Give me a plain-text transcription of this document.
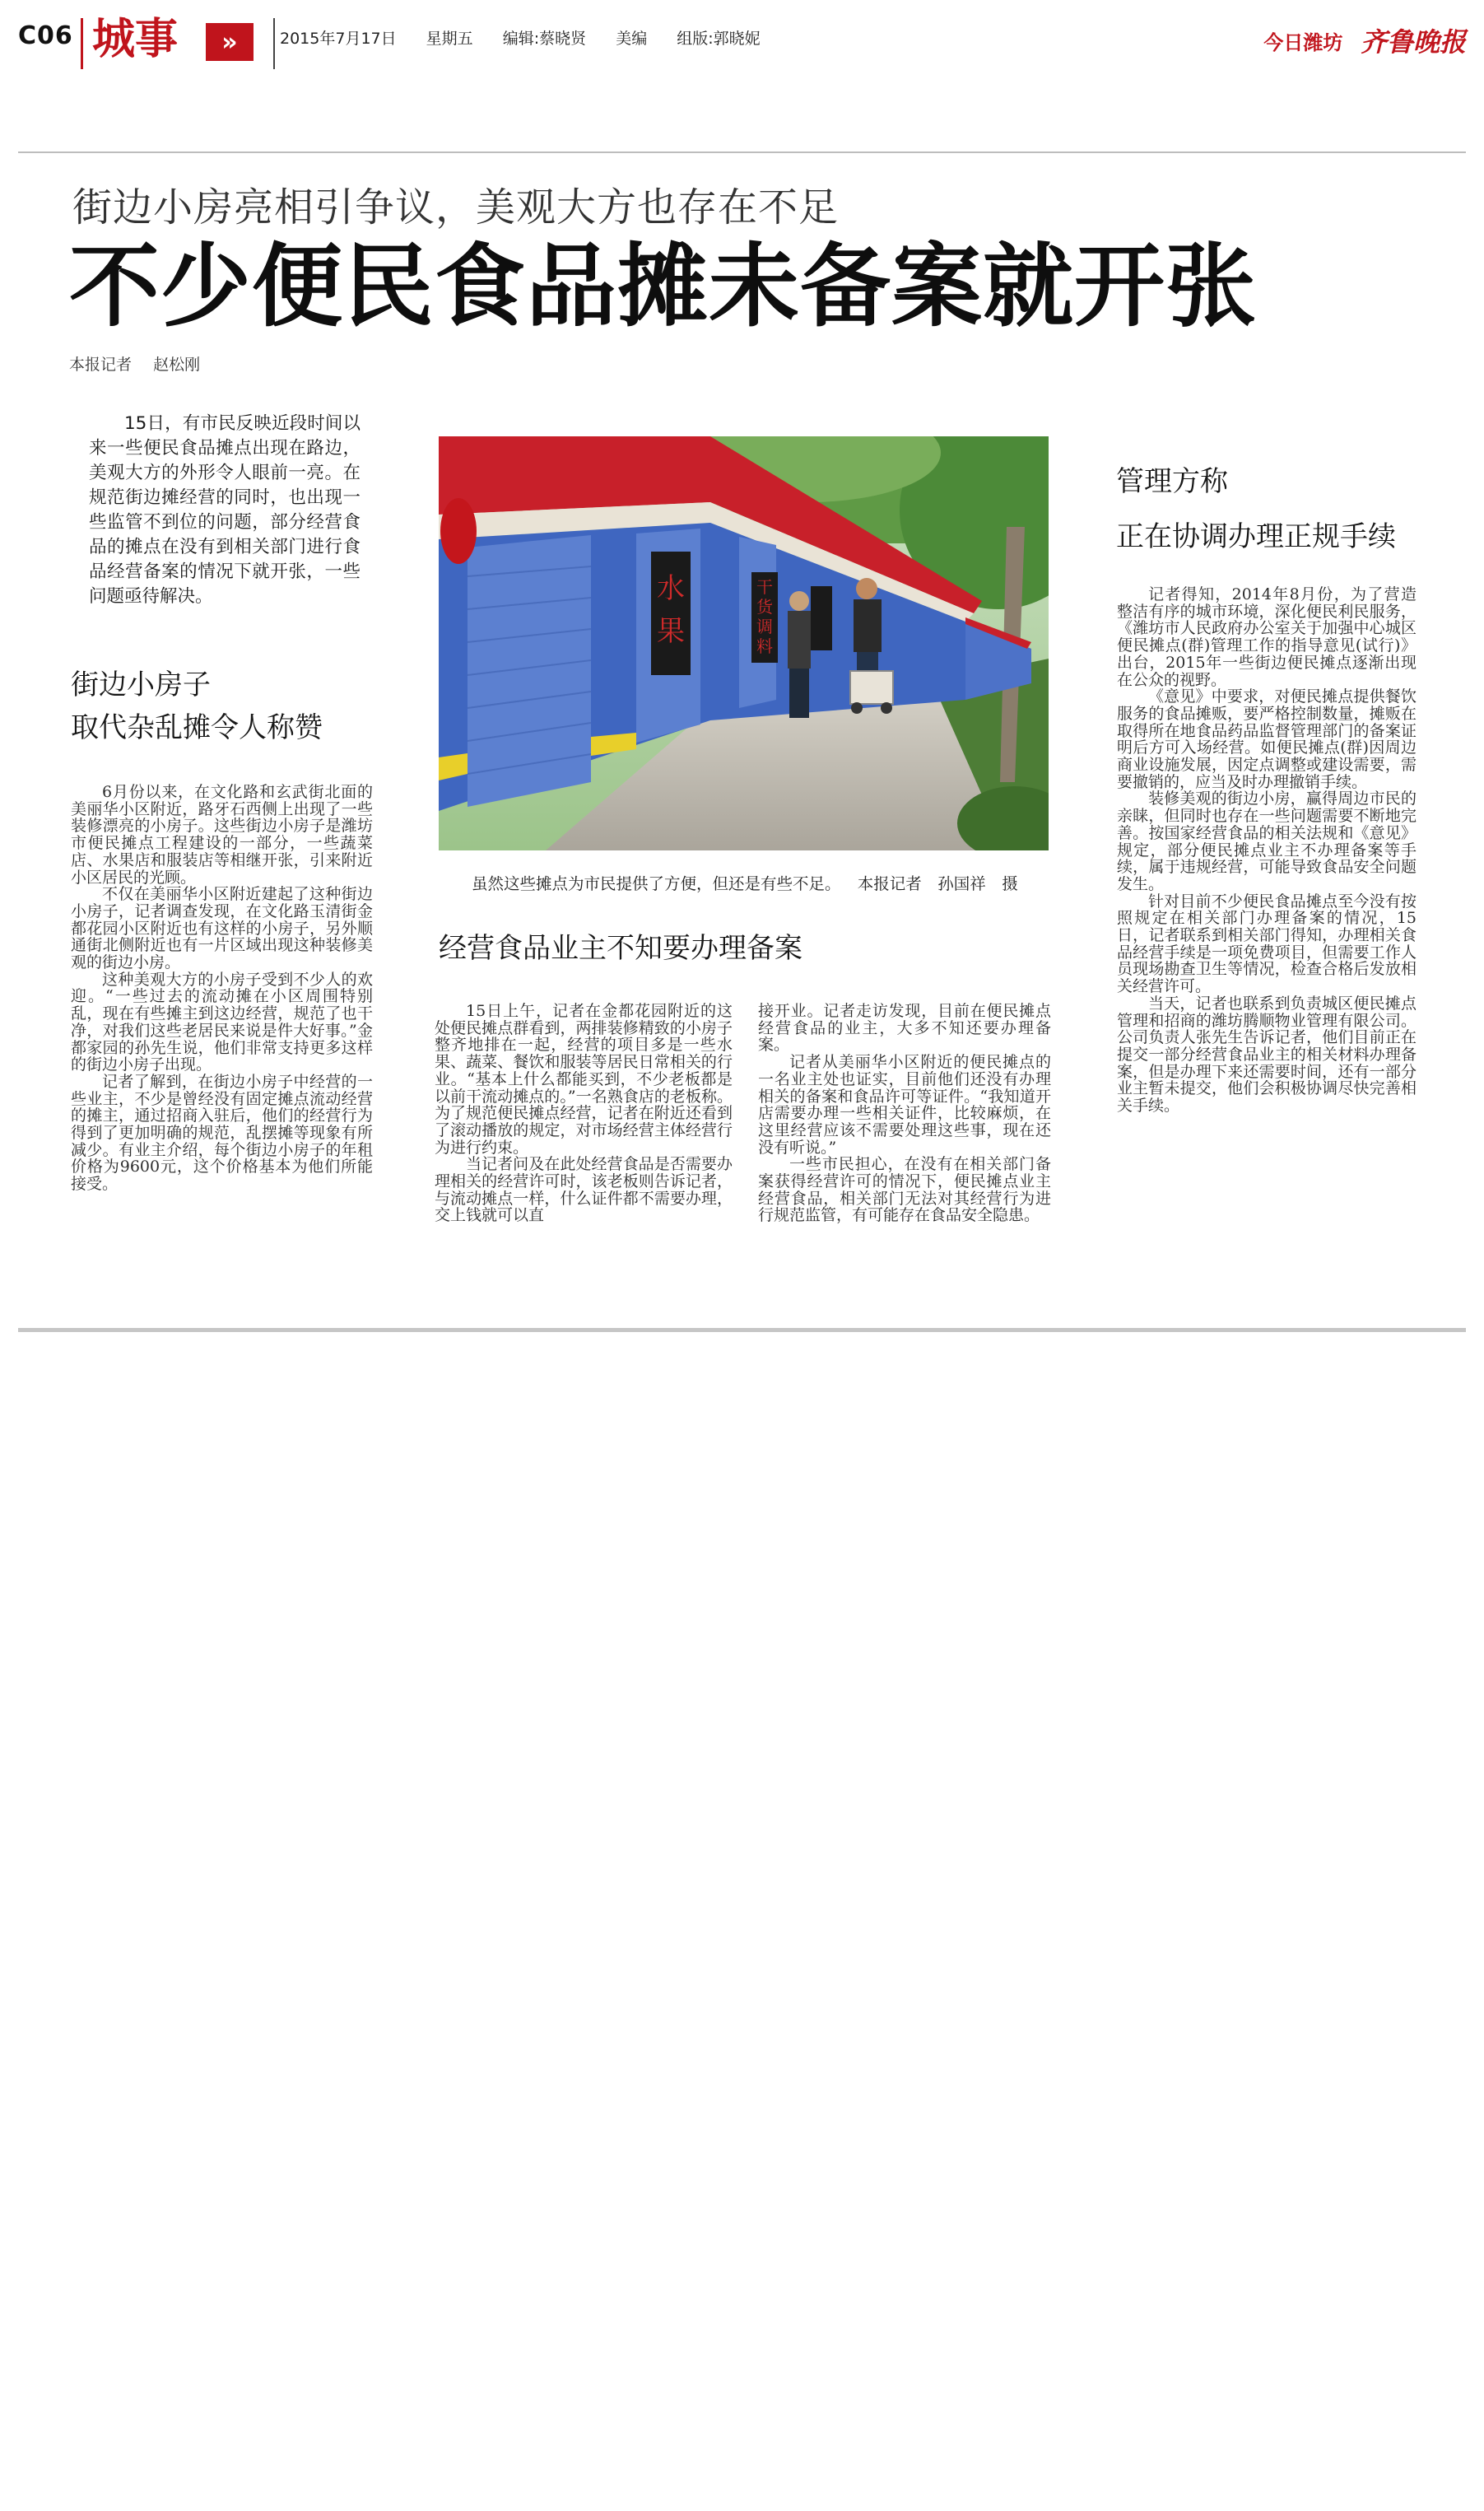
C06 城事	»	2015年7月17日 星期五 编辑:蔡晓贤 美编 组版:郭晓妮	今日潍坊 齐鲁晚报
街边小房亮相引争议，美观大方也存在不足
不少便民食品摊未备案就开张
本报记者 赵松刚
15日，有市民反映近段时间以来一些便民食品摊点出现在路边，美观大方的外形令人眼前一亮。在规范街边摊经营的同时，也出现一些监管不到位的问题，部分经营食品的摊点在没有到相关部门进行食品经营备案的情况下就开张，一些问题亟待解决。
街边小房子
取代杂乱摊令人称赞

6月份以来，在文化路和玄武街北面的美丽华小区附近，路牙石西侧上出现了一些装修漂亮的小房子。这些街边小房子是潍坊市便民摊点工程建设的一部分，一些蔬菜店、水果店和服装店等相继开张，引来附近小区居民的光顾。

不仅在美丽华小区附近建起了这种街边小房子，记者调查发现，在文化路玉清街金都花园小区附近也有这样的小房子，另外顺通街北侧附近也有一片区域出现这种装修美观的街边小房。

这种美观大方的小房子受到不少人的欢迎。“一些过去的流动摊在小区周围特别乱，现在有些摊主到这边经营，规范了也干净，对我们这些老居民来说是件大好事。”金都家园的孙先生说，他们非常支持更多这样的街边小房子出现。

记者了解到，在街边小房子中经营的一些业主，不少是曾经没有固定摊点流动经营的摊主，通过招商入驻后，他们的经营行为得到了更加明确的规范，乱摆摊等现象有所减少。有业主介绍，每个街边小房子的年租价格为9600元，这个价格基本为他们所能接受。

水
果
干
货
调
料
虽然这些摊点为市民提供了方便，但还是有些不足。 本报记者　孙国祥　摄
经营食品业主不知要办理备案

15日上午，记者在金都花园附近的这处便民摊点群看到，两排装修精致的小房子整齐地排在一起，经营的项目多是一些水果、蔬菜、餐饮和服装等居民日常相关的行业。“基本上什么都能买到，不少老板都是以前干流动摊点的。”一名熟食店的老板称。为了规范便民摊点经营，记者在附近还看到了滚动播放的规定，对市场经营主体经营行为进行约束。

当记者问及在此处经营食品是否需要办理相关的经营许可时，该老板则告诉记者，与流动摊点一样，什么证件都不需要办理，交上钱就可以直

接开业。记者走访发现，目前在便民摊点经营食品的业主，大多不知还要办理备案。

记者从美丽华小区附近的便民摊点的一名业主处也证实，目前他们还没有办理相关的备案和食品许可等证件。“我知道开店需要办理一些相关证件，比较麻烦，在这里经营应该不需要处理这些事，现在还没有听说。”

一些市民担心，在没有在相关部门备案获得经营许可的情况下，便民摊点业主经营食品，相关部门无法对其经营行为进行规范监管，有可能存在食品安全隐患。

管理方称
正在协调办理正规手续

记者得知，2014年8月份，为了营造整洁有序的城市环境，深化便民利民服务，《潍坊市人民政府办公室关于加强中心城区便民摊点(群)管理工作的指导意见(试行)》出台，2015年一些街边便民摊点逐渐出现在公众的视野。

《意见》中要求，对便民摊点提供餐饮服务的食品摊贩，要严格控制数量，摊贩在取得所在地食品药品监督管理部门的备案证明后方可入场经营。如便民摊点(群)因周边商业设施发展，因定点调整或建设需要，需要撤销的，应当及时办理撤销手续。

装修美观的街边小房，赢得周边市民的亲睐，但同时也存在一些问题需要不断地完善。按国家经营食品的相关法规和《意见》规定，部分便民摊点业主不办理备案等手续，属于违规经营，可能导致食品安全问题发生。

针对目前不少便民食品摊点至今没有按照规定在相关部门办理备案的情况，15日，记者联系到相关部门得知，办理相关食品经营手续是一项免费项目，但需要工作人员现场勘查卫生等情况，检查合格后发放相关经营许可。

当天，记者也联系到负责城区便民摊点管理和招商的潍坊腾顺物业管理有限公司。公司负责人张先生告诉记者，他们目前正在提交一部分经营食品业主的相关材料办理备案，但是办理下来还需要时间，还有一部分业主暂未提交，他们会积极协调尽快完善相关手续。
